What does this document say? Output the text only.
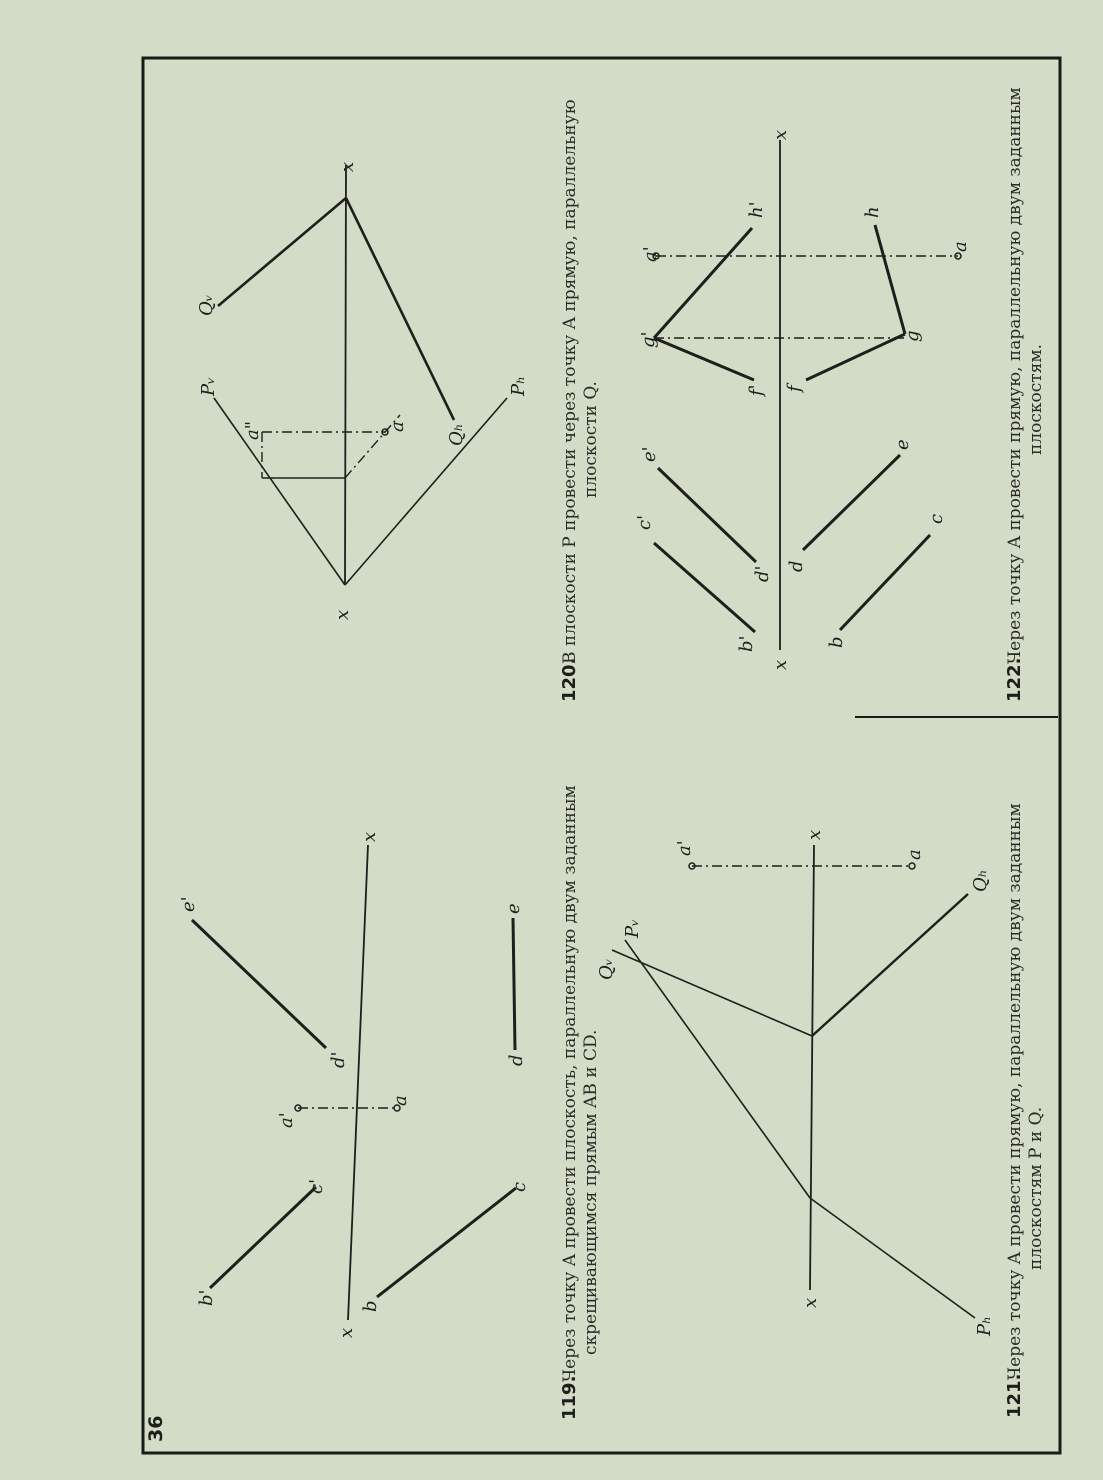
36
x
x
b'
c'
b
c
a'
a
d'
e'
d
e
119.
Через точку A провести плоскость, параллельную двум заданным скрещивающимся прямым AB и CD.
x
x
Pᵥ	Pₕ
Qᵥ
Qₕ
a"	a
120.
В плоскости P провести через точку A прямую, параллельную плоскости Q.
x
x
Pᵥ
Pₕ
Qᵥ
Qₕ
a'	a
121.
Через точку A провести прямую, параллельную двум заданным плоскостям P и Q.
x
x
b'
c'
d'
e'
b
c
d
e
f'
g'
h'
f
g
h
a'	a
122.
Через точку A провести прямую, параллельную двум заданным плоскостям.
